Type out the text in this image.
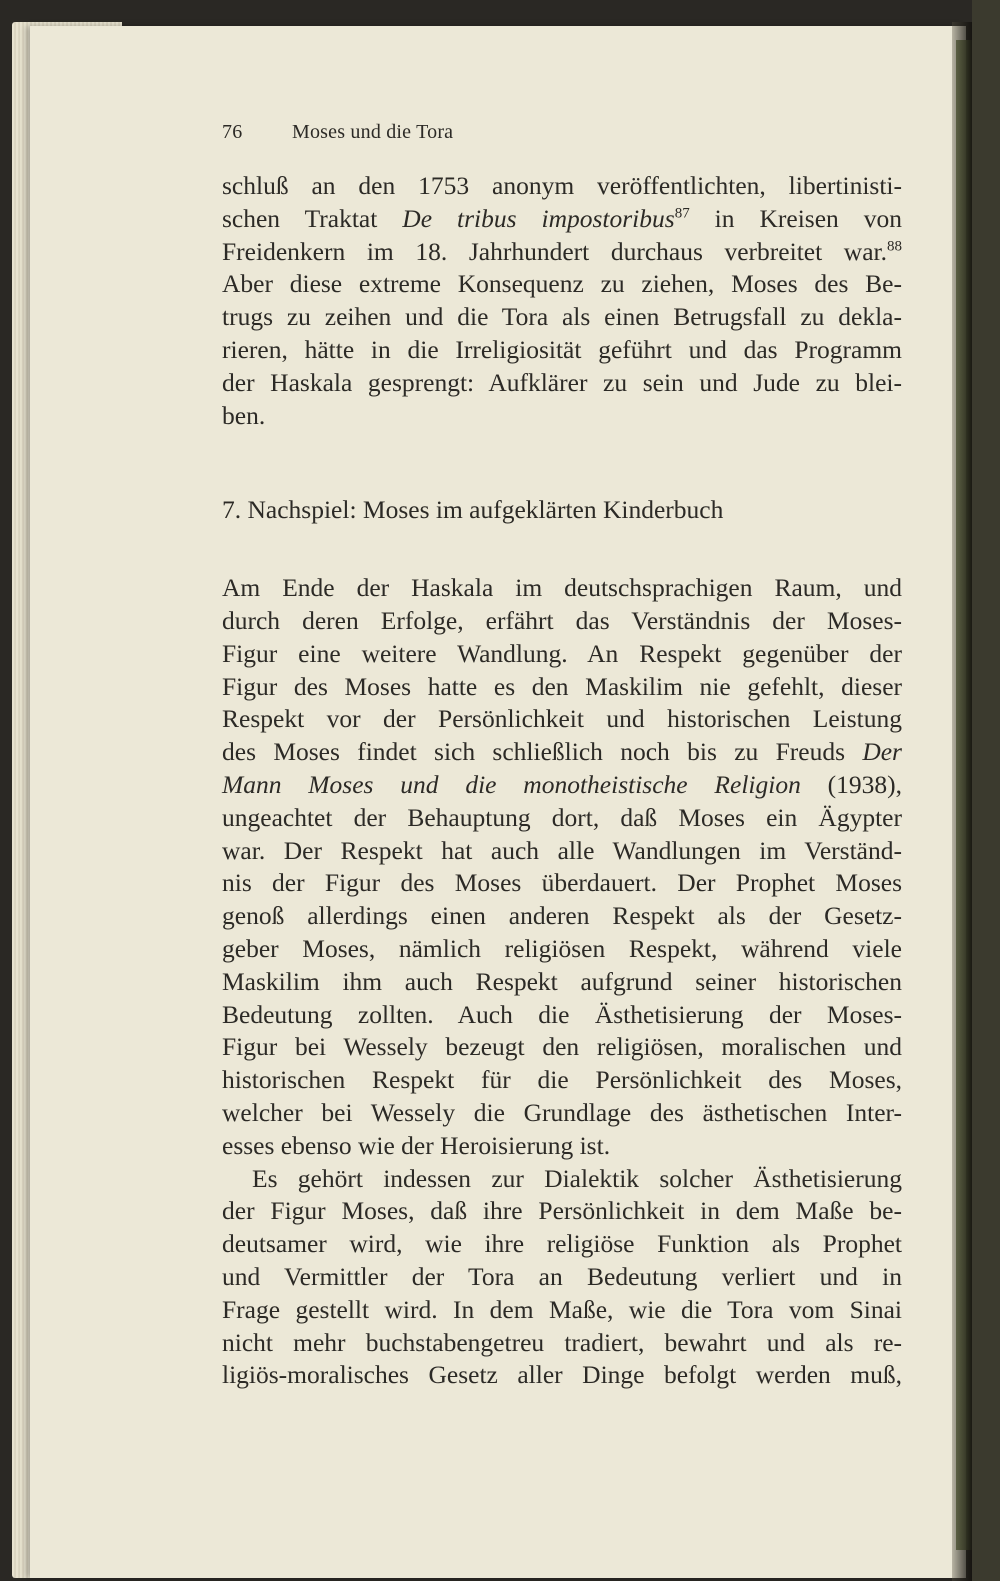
76 Moses und die Tora
schluß an den 1753 anonym veröffentlichten, libertinisti-
schen Traktat De tribus impostoribus$^{87}$ in Kreisen von
Freidenkern im 18. Jahrhundert durchaus verbreitet war.$^{88}$
Aber diese extreme Konsequenz zu ziehen, Moses des Be-
trugs zu zeihen und die Tora als einen Betrugsfall zu dekla-
rieren, hätte in die Irreligiosität geführt und das Programm
der Haskala gesprengt: Aufklärer zu sein und Jude zu blei-
ben.
7. Nachspiel: Moses im aufgeklärten Kinderbuch
Am Ende der Haskala im deutschsprachigen Raum, und
durch deren Erfolge, erfährt das Verständnis der Moses-
Figur eine weitere Wandlung. An Respekt gegenüber der
Figur des Moses hatte es den Maskilim nie gefehlt, dieser
Respekt vor der Persönlichkeit und historischen Leistung
des Moses findet sich schließlich noch bis zu Freuds Der
Mann Moses und die monotheistische Religion (1938),
ungeachtet der Behauptung dort, daß Moses ein Ägypter
war. Der Respekt hat auch alle Wandlungen im Verständ-
nis der Figur des Moses überdauert. Der Prophet Moses
genoß allerdings einen anderen Respekt als der Gesetz-
geber Moses, nämlich religiösen Respekt, während viele
Maskilim ihm auch Respekt aufgrund seiner historischen
Bedeutung zollten. Auch die Ästhetisierung der Moses-
Figur bei Wessely bezeugt den religiösen, moralischen und
historischen Respekt für die Persönlichkeit des Moses,
welcher bei Wessely die Grundlage des ästhetischen Inter-
esses ebenso wie der Heroisierung ist.
Es gehört indessen zur Dialektik solcher Ästhetisierung
der Figur Moses, daß ihre Persönlichkeit in dem Maße be-
deutsamer wird, wie ihre religiöse Funktion als Prophet
und Vermittler der Tora an Bedeutung verliert und in
Frage gestellt wird. In dem Maße, wie die Tora vom Sinai
nicht mehr buchstabengetreu tradiert, bewahrt und als re-
ligiös-moralisches Gesetz aller Dinge befolgt werden muß,
